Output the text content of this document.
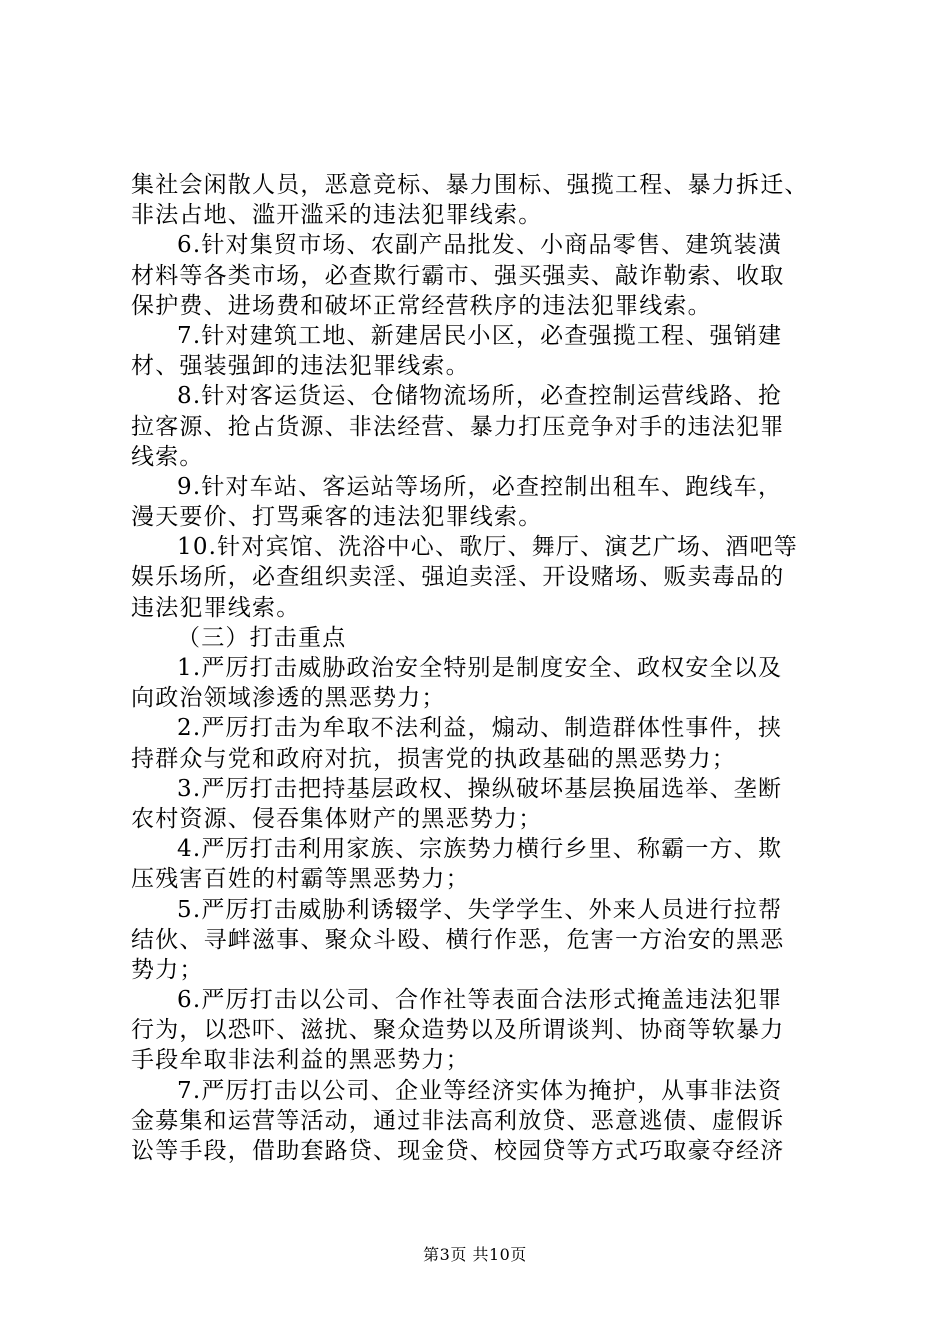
集社会闲散人员，恶意竞标、暴力围标、强揽工程、暴力拆迁、
非法占地、滥开滥采的违法犯罪线索。
6.针对集贸市场、农副产品批发、小商品零售、建筑装潢
材料等各类市场，必查欺行霸市、强买强卖、敲诈勒索、收取
保护费、进场费和破坏正常经营秩序的违法犯罪线索。
7.针对建筑工地、新建居民小区，必查强揽工程、强销建
材、强装强卸的违法犯罪线索。
8.针对客运货运、仓储物流场所，必查控制运营线路、抢
拉客源、抢占货源、非法经营、暴力打压竞争对手的违法犯罪
线索。
9.针对车站、客运站等场所，必查控制出租车、跑线车，
漫天要价、打骂乘客的违法犯罪线索。
10.针对宾馆、洗浴中心、歌厅、舞厅、演艺广场、酒吧等
娱乐场所，必查组织卖淫、强迫卖淫、开设赌场、贩卖毒品的
违法犯罪线索。
（三）打击重点
1.严厉打击威胁政治安全特别是制度安全、政权安全以及
向政治领域渗透的黑恶势力；
2.严厉打击为牟取不法利益，煽动、制造群体性事件，挟
持群众与党和政府对抗，损害党的执政基础的黑恶势力；
3.严厉打击把持基层政权、操纵破坏基层换届选举、垄断
农村资源、侵吞集体财产的黑恶势力；
4.严厉打击利用家族、宗族势力横行乡里、称霸一方、欺
压残害百姓的村霸等黑恶势力；
5.严厉打击威胁利诱辍学、失学学生、外来人员进行拉帮
结伙、寻衅滋事、聚众斗殴、横行作恶，危害一方治安的黑恶
势力；
6.严厉打击以公司、合作社等表面合法形式掩盖违法犯罪
行为，以恐吓、滋扰、聚众造势以及所谓谈判、协商等软暴力
手段牟取非法利益的黑恶势力；
7.严厉打击以公司、企业等经济实体为掩护，从事非法资
金募集和运营等活动，通过非法高利放贷、恶意逃债、虚假诉
讼等手段，借助套路贷、现金贷、校园贷等方式巧取豪夺经济
第3页 共10页
